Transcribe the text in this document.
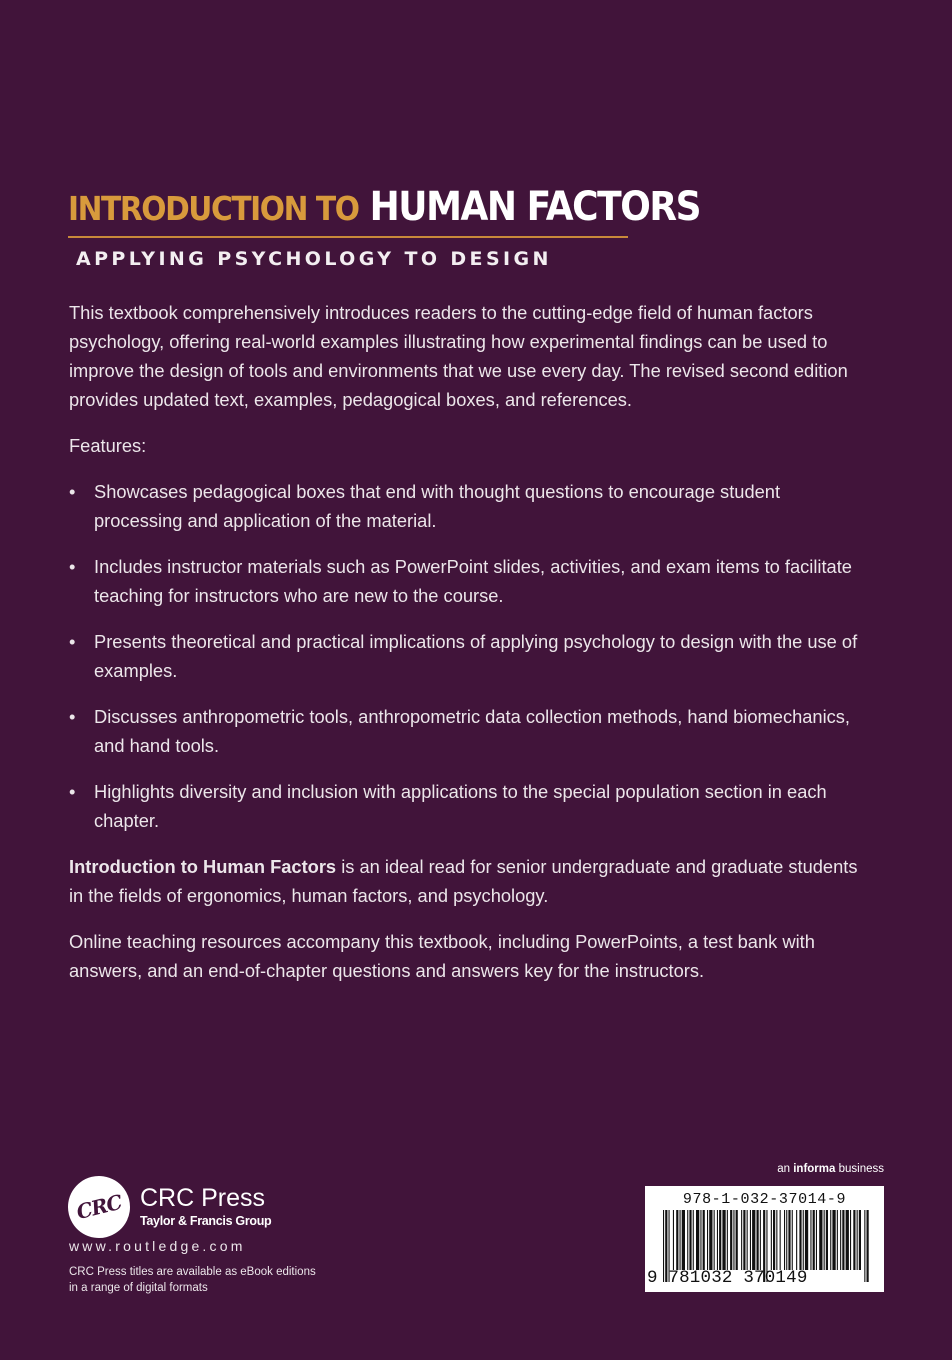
INTRODUCTION TO HUMAN FACTORS
APPLYING PSYCHOLOGY TO DESIGN

This textbook comprehensively introduces readers to the cutting-edge field of human factors psychology, offering real-world examples illustrating how experimental findings can be used to improve the design of tools and environments that we use every day. The revised second edition provides updated text, examples, pedagogical boxes, and references.

Features:

• Showcases pedagogical boxes that end with thought questions to encourage student processing and application of the material.
• Includes instructor materials such as PowerPoint slides, activities, and exam items to facilitate teaching for instructors who are new to the course.
• Presents theoretical and practical implications of applying psychology to design with the use of examples.
• Discusses anthropometric tools, anthropometric data collection methods, hand biomechanics, and hand tools.
• Highlights diversity and inclusion with applications to the special population section in each chapter.

Introduction to Human Factors is an ideal read for senior undergraduate and graduate students in the fields of ergonomics, human factors, and psychology.

Online teaching resources accompany this textbook, including PowerPoints, a test bank with answers, and an end-of-chapter questions and answers key for the instructors.

CRC CRC Press
Taylor & Francis Group
www.routledge.com
CRC Press titles are available as eBook editions
in a range of digital formats
an informa business
978-1-032-37014-9
9 781032 370149
